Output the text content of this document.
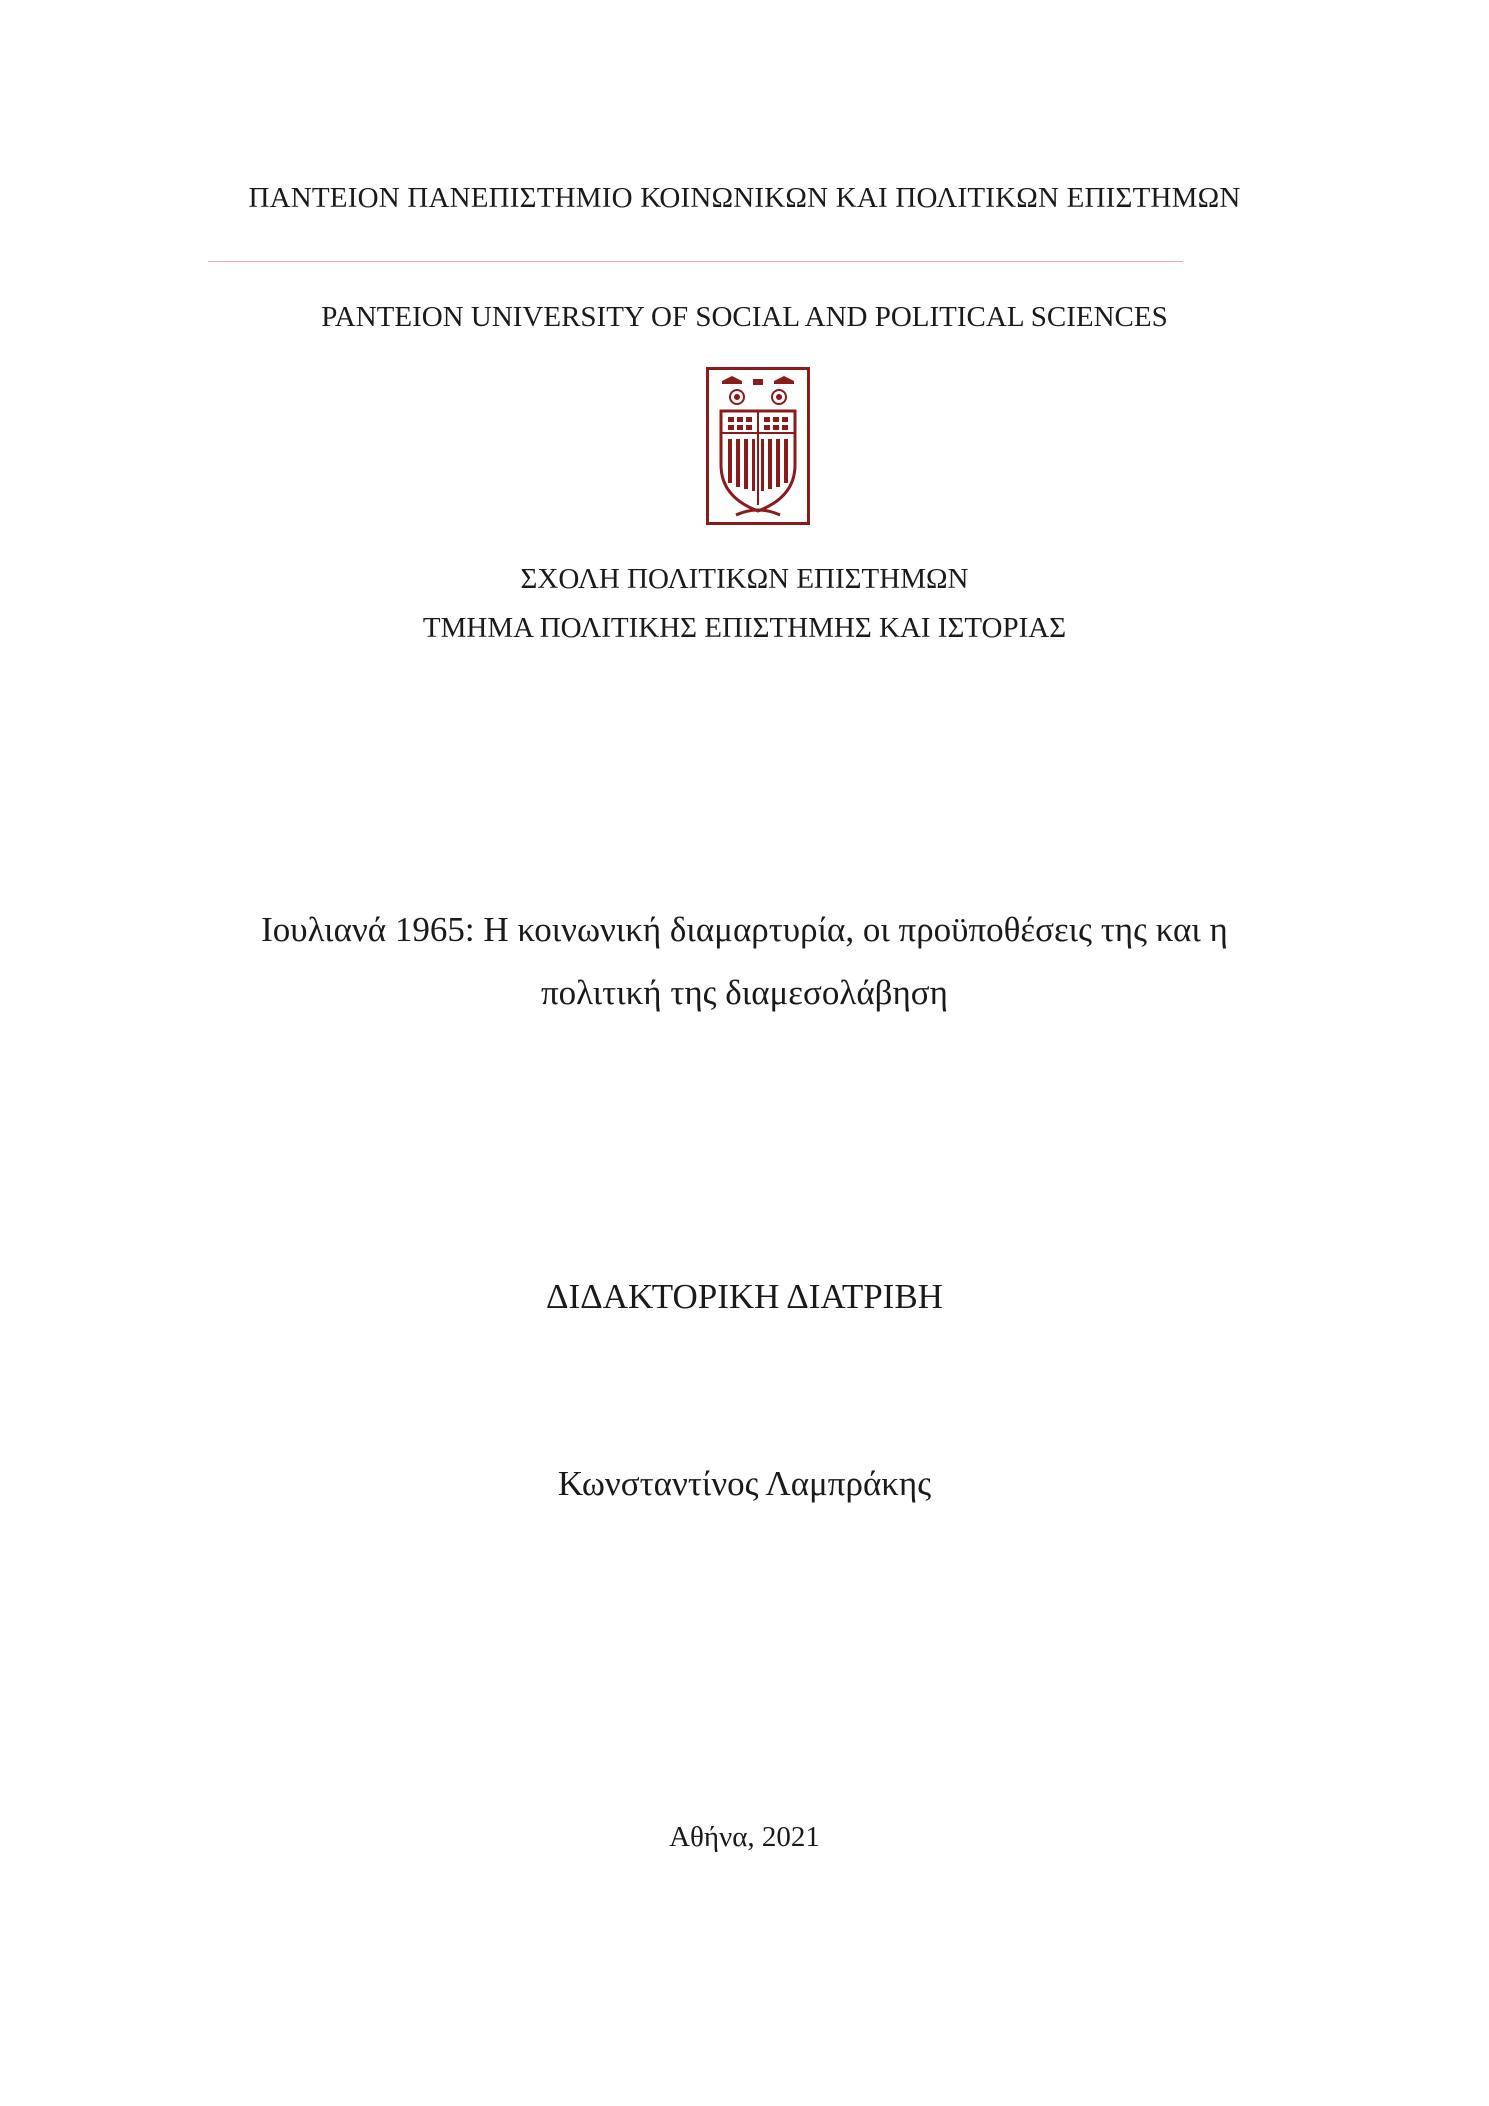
ΠΑΝΤΕΙΟΝ ΠΑΝΕΠΙΣΤΗΜΙΟ ΚΟΙΝΩΝΙΚΩΝ ΚΑΙ ΠΟΛΙΤΙΚΩΝ ΕΠΙΣΤΗΜΩΝ
PANTEION UNIVERSITY OF SOCIAL AND POLITICAL SCIENCES
ΣΧΟΛΗ ΠΟΛΙΤΙΚΩΝ ΕΠΙΣΤΗΜΩΝ
ΤΜΗΜΑ ΠΟΛΙΤΙΚΗΣ ΕΠΙΣΤΗΜΗΣ ΚΑΙ ΙΣΤΟΡΙΑΣ
Ιουλιανά 1965: Η κοινωνική διαμαρτυρία, οι προϋποθέσεις της και η
πολιτική της διαμεσολάβηση
ΔΙΔΑΚΤΟΡΙΚΗ ΔΙΑΤΡΙΒΗ
Κωνσταντίνος Λαμπράκης
Αθήνα, 2021
